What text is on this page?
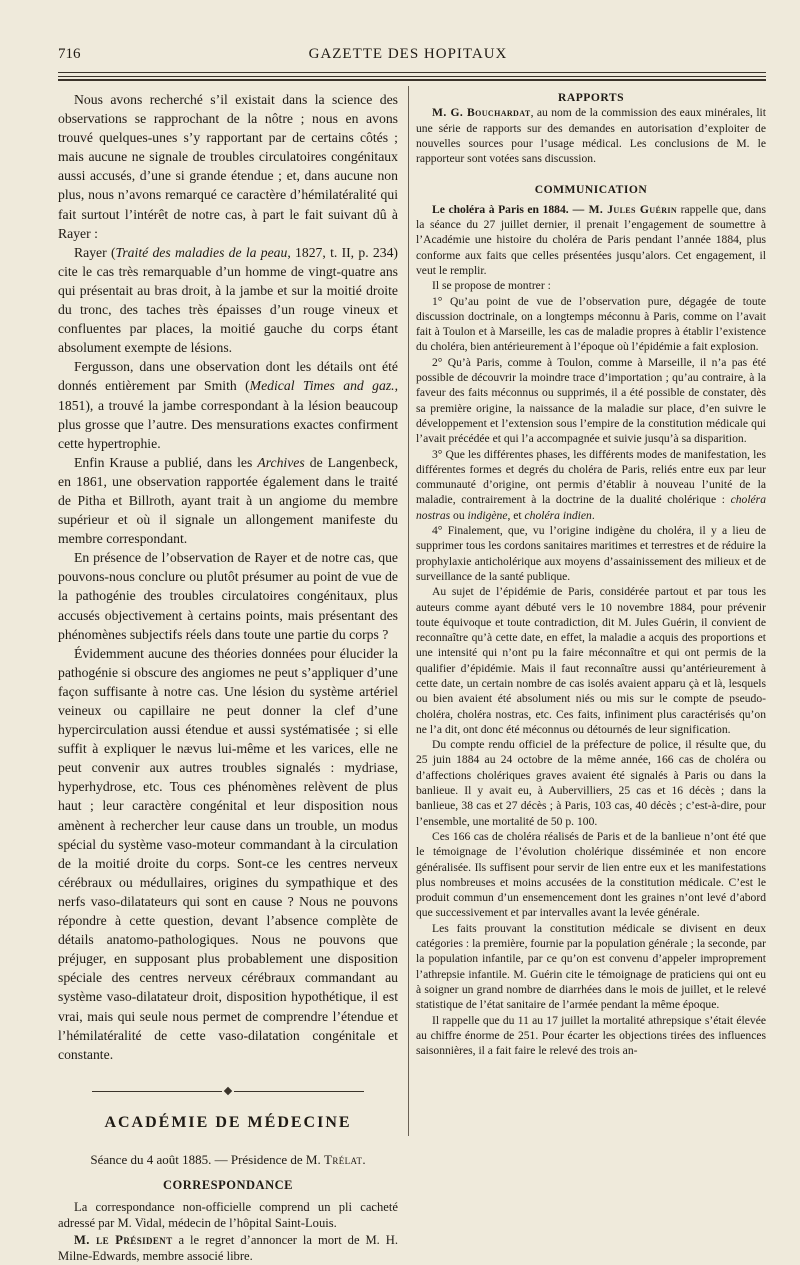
716	GAZETTE DES HOPITAUX

Nous avons recherché s’il existait dans la science des observations se rapprochant de la nôtre ; nous en avons trouvé quelques-unes s’y rapportant par de certains côtés ; mais aucune ne signale de troubles circulatoires congénitaux aussi accusés, d’une si grande étendue ; et, dans aucune non plus, nous n’avons remarqué ce caractère d’hémilatéralité qui fait surtout l’intérêt de notre cas, à part le fait suivant dû à Rayer :

Rayer (Traité des maladies de la peau, 1827, t. II, p. 234) cite le cas très remarquable d’un homme de vingt-quatre ans qui présentait au bras droit, à la jambe et sur la moitié droite du tronc, des taches très épaisses d’un rouge vineux et confluentes par places, la moitié gauche du corps étant absolument exempte de lésions.

Fergusson, dans une observation dont les détails ont été donnés entièrement par Smith (Medical Times and gaz., 1851), a trouvé la jambe correspondant à la lésion beaucoup plus grosse que l’autre. Des mensurations exactes confirment cette hypertrophie.

Enfin Krause a publié, dans les Archives de Langenbeck, en 1861, une observation rapportée également dans le traité de Pitha et Billroth, ayant trait à un angiome du membre supérieur et où il signale un allongement manifeste du membre correspondant.

En présence de l’observation de Rayer et de notre cas, que pouvons-nous conclure ou plutôt présumer au point de vue de la pathogénie des troubles circulatoires congénitaux, plus accusés objectivement à certains points, mais présentant des phénomènes subjectifs réels dans toute une partie du corps ?

Évidemment aucune des théories données pour élucider la pathogénie si obscure des angiomes ne peut s’appliquer d’une façon suffisante à notre cas. Une lésion du système artériel veineux ou capillaire ne peut donner la clef d’une hypercirculation aussi étendue et aussi systématisée ; si elle suffit à expliquer le nævus lui-même et les varices, elle ne peut convenir aux autres troubles signalés : mydriase, hyperhydrose, etc. Tous ces phénomènes relèvent de plus haut ; leur caractère congénital et leur disposition nous amènent à rechercher leur cause dans un trouble, un modus spécial du système vaso-moteur commandant à la circulation de la moitié droite du corps. Sont-ce les centres nerveux cérébraux ou médullaires, origines du sympathique et des nerfs vaso-dilatateurs qui sont en cause ? Nous ne pouvons répondre à cette question, devant l’absence complète de détails anatomo-pathologiques. Nous ne pouvons que préjuger, en supposant plus probablement une disposition spéciale des centres nerveux cérébraux commandant au système vaso-dilatateur droit, disposition hypothétique, il est vrai, mais qui seule nous permet de comprendre l’étendue et l’hémilatéralité de cette vaso-dilatation congénitale et constante.

ACADÉMIE DE MÉDECINE
Séance du 4 août 1885. — Présidence de M. Trélat.
CORRESPONDANCE

La correspondance non-officielle comprend un pli cacheté adressé par M. Vidal, médecin de l’hôpital Saint-Louis.

M. le Président a le regret d’annoncer la mort de M. H. Milne-Edwards, membre associé libre.

RAPPORTS

M. G. Bouchardat, au nom de la commission des eaux minérales, lit une série de rapports sur des demandes en autorisation d’exploiter de nouvelles sources pour l’usage médical. Les conclusions de M. le rapporteur sont votées sans discussion.

COMMUNICATION

Le choléra à Paris en 1884. — M. Jules Guérin rappelle que, dans la séance du 27 juillet dernier, il prenait l’engagement de soumettre à l’Académie une histoire du choléra de Paris pendant l’année 1884, plus conforme aux faits que celles présentées jusqu’alors. Cet engagement, il veut le remplir.

Il se propose de montrer :

1° Qu’au point de vue de l’observation pure, dégagée de toute discussion doctrinale, on a longtemps méconnu à Paris, comme on l’avait fait à Toulon et à Marseille, les cas de maladie propres à établir l’existence du choléra, bien antérieurement à l’époque où l’épidémie a fait explosion.

2° Qu’à Paris, comme à Toulon, comme à Marseille, il n’a pas été possible de découvrir la moindre trace d’importation ; qu’au contraire, à la faveur des faits méconnus ou supprimés, il a été possible de constater, dès sa première origine, la naissance de la maladie sur place, d’en suivre le développement et l’extension sous l’empire de la constitution médicale qui l’avait précédée et qui l’a accompagnée et suivie jusqu’à sa disparition.

3° Que les différentes phases, les différents modes de manifestation, les différentes formes et degrés du choléra de Paris, reliés entre eux par leur communauté d’origine, ont permis d’établir à nouveau l’unité de la maladie, contrairement à la doctrine de la dualité cholérique : choléra nostras ou indigène, et choléra indien.

4° Finalement, que, vu l’origine indigène du choléra, il y a lieu de supprimer tous les cordons sanitaires maritimes et terrestres et de réduire la prophylaxie anticholérique aux moyens d’assainissement des milieux et de surveillance de la santé publique.

Au sujet de l’épidémie de Paris, considérée partout et par tous les auteurs comme ayant débuté vers le 10 novembre 1884, pour prévenir toute équivoque et toute contradiction, dit M. Jules Guérin, il convient de reconnaître qu’à cette date, en effet, la maladie a acquis des proportions et une intensité qui n’ont pu la faire méconnaître et qui ont permis de la qualifier d’épidémie. Mais il faut reconnaître aussi qu’antérieurement à cette date, un certain nombre de cas isolés avaient apparu çà et là, lesquels ou bien avaient été absolument niés ou mis sur le compte de pseudo-choléra, choléra nostras, etc. Ces faits, infiniment plus caractérisés qu’on ne l’a dit, ont donc été méconnus ou détournés de leur signification.

Du compte rendu officiel de la préfecture de police, il résulte que, du 25 juin 1884 au 24 octobre de la même année, 166 cas de choléra ou d’affections cholériques graves avaient été signalés à Paris ou dans la banlieue. Il y avait eu, à Aubervilliers, 25 cas et 16 décès ; dans la banlieue, 38 cas et 27 décès ; à Paris, 103 cas, 40 décès ; c’est-à-dire, pour l’ensemble, une mortalité de 50 p. 100.

Ces 166 cas de choléra réalisés de Paris et de la banlieue n’ont été que le témoignage de l’évolution cholérique disséminée et non encore généralisée. Ils suffisent pour servir de lien entre eux et les manifestations plus nombreuses et moins accusées de la constitution médicale. C’est le produit commun d’un ensemencement dont les graines n’ont levé d’abord que successivement et par intervalles avant la levée générale.

Les faits prouvant la constitution médicale se divisent en deux catégories : la première, fournie par la population générale ; la seconde, par la population infantile, par ce qu’on est convenu d’appeler improprement l’athrepsie infantile. M. Guérin cite le témoignage de praticiens qui ont eu à soigner un grand nombre de diarrhées dans le mois de juillet, et le relevé statistique de l’état sanitaire de l’armée pendant la même époque.

Il rappelle que du 11 au 17 juillet la mortalité athrepsique s’était élevée au chiffre énorme de 251. Pour écarter les objections tirées des influences saisonnières, il a fait faire le relevé des trois an-
